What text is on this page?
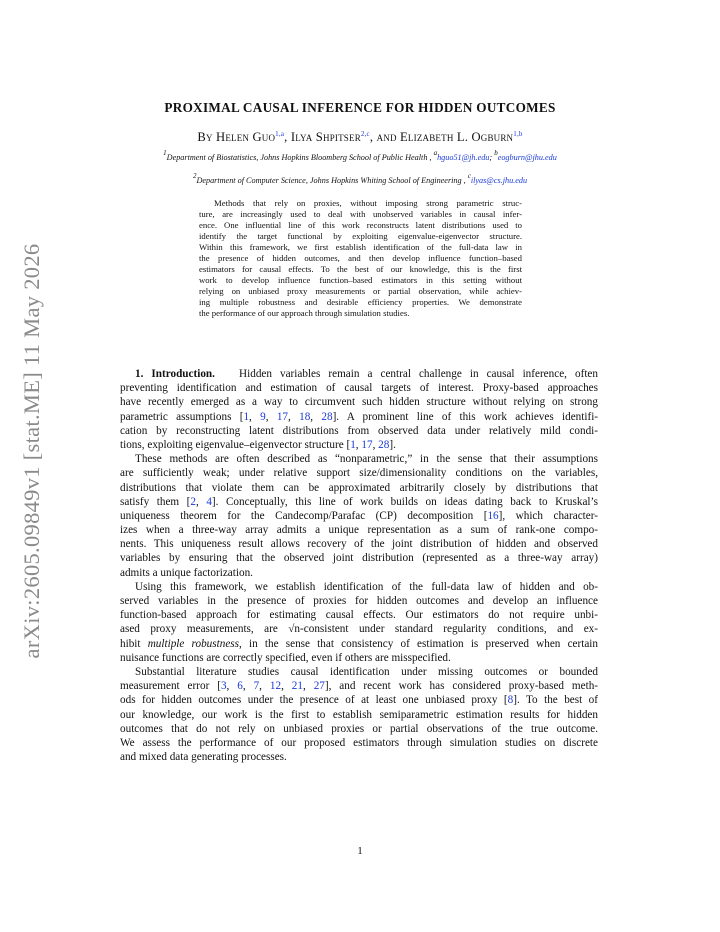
arXiv:2605.09849v1 [stat.ME] 11 May 2026
PROXIMAL CAUSAL INFERENCE FOR HIDDEN OUTCOMES
By Helen Guo$^{1,a}$, Ilya Shpitser$^{2,c}$, and Elizabeth L. Ogburn$^{1,b}$
$^1$Department of Biostatistics, Johns Hopkins Bloomberg School of Public Health , $^a$hguo51@jh.edu; $^b$eogburn@jhu.edu
$^2$Department of Computer Science, Johns Hopkins Whiting School of Engineering , $^c$ilyas@cs.jhu.edu
Methods that rely on proxies, without imposing strong parametric struc-
ture, are increasingly used to deal with unobserved variables in causal infer-
ence. One influential line of this work reconstructs latent distributions used to
identify the target functional by exploiting eigenvalue-eigenvector structure.
Within this framework, we first establish identification of the full-data law in
the presence of hidden outcomes, and then develop influence function–based
estimators for causal effects. To the best of our knowledge, this is the first
work to develop influence function–based estimators in this setting without
relying on unbiased proxy measurements or partial observation, while achiev-
ing multiple robustness and desirable efficiency properties. We demonstrate
the performance of our approach through simulation studies.
1. Introduction. Hidden variables remain a central challenge in causal inference, often
preventing identification and estimation of causal targets of interest. Proxy-based approaches
have recently emerged as a way to circumvent such hidden structure without relying on strong
parametric assumptions [1, 9, 17, 18, 28]. A prominent line of this work achieves identifi-
cation by reconstructing latent distributions from observed data under relatively mild condi-
tions, exploiting eigenvalue–eigenvector structure [1, 17, 28].
These methods are often described as “nonparametric,” in the sense that their assumptions
are sufficiently weak; under relative support size/dimensionality conditions on the variables,
distributions that violate them can be approximated arbitrarily closely by distributions that
satisfy them [2, 4]. Conceptually, this line of work builds on ideas dating back to Kruskal’s
uniqueness theorem for the Candecomp/Parafac (CP) decomposition [16], which character-
izes when a three-way array admits a unique representation as a sum of rank-one compo-
nents. This uniqueness result allows recovery of the joint distribution of hidden and observed
variables by ensuring that the observed joint distribution (represented as a three-way array)
admits a unique factorization.
Using this framework, we establish identification of the full-data law of hidden and ob-
served variables in the presence of proxies for hidden outcomes and develop an influence
function-based approach for estimating causal effects. Our estimators do not require unbi-
ased proxy measurements, are √n-consistent under standard regularity conditions, and ex-
hibit multiple robustness, in the sense that consistency of estimation is preserved when certain
nuisance functions are correctly specified, even if others are misspecified.
Substantial literature studies causal identification under missing outcomes or bounded
measurement error [3, 6, 7, 12, 21, 27], and recent work has considered proxy-based meth-
ods for hidden outcomes under the presence of at least one unbiased proxy [8]. To the best of
our knowledge, our work is the first to establish semiparametric estimation results for hidden
outcomes that do not rely on unbiased proxies or partial observations of the true outcome.
We assess the performance of our proposed estimators through simulation studies on discrete
and mixed data generating processes.
1
